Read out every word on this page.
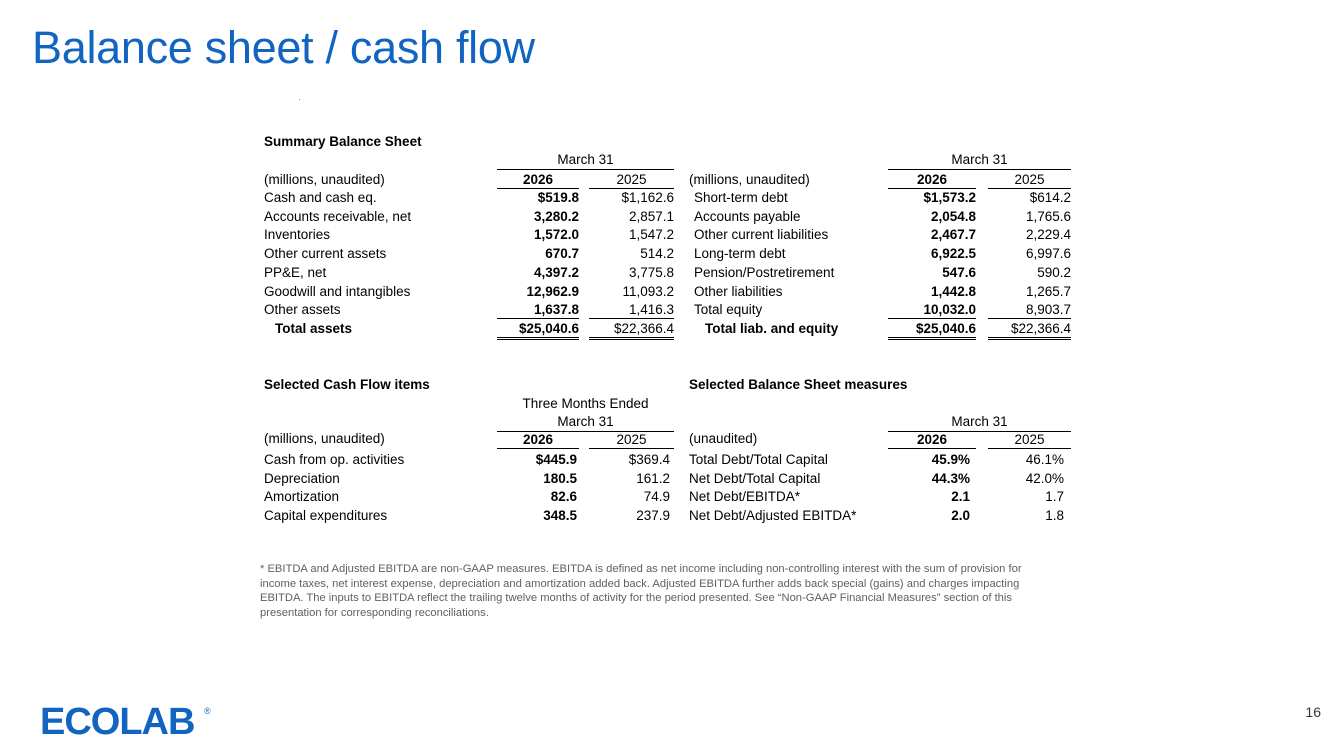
Balance sheet / cash flow
Summary Balance Sheet
March 31
(millions, unaudited)	2026	2025
Cash and cash eq.	$519.8	$1,162.6
Accounts receivable, net	3,280.2	2,857.1
Inventories	1,572.0	1,547.2
Other current assets	670.7	514.2
PP&E, net	4,397.2	3,775.8
Goodwill and intangibles	12,962.9	11,093.2
Other assets	1,637.8	1,416.3
Total assets	$25,040.6	$22,366.4
March 31
(millions, unaudited)	2026	2025
Short-term debt	$1,573.2	$614.2
Accounts payable	2,054.8	1,765.6
Other current liabilities	2,467.7	2,229.4
Long-term debt	6,922.5	6,997.6
Pension/Postretirement	547.6	590.2
Other liabilities	1,442.8	1,265.7
Total equity	10,032.0	8,903.7
Total liab. and equity	$25,040.6	$22,366.4
Selected Cash Flow items
Three Months Ended
March 31
(millions, unaudited)	2026	2025
Cash from op. activities	$445.9	$369.4
Depreciation	180.5	161.2
Amortization	82.6	74.9
Capital expenditures	348.5	237.9
Selected Balance Sheet measures
March 31
(unaudited)	2026	2025
Total Debt/Total Capital	45.9%	46.1%
Net Debt/Total Capital	44.3%	42.0%
Net Debt/EBITDA*	2.1	1.7
Net Debt/Adjusted EBITDA*	2.0	1.8
* EBITDA and Adjusted EBITDA are non-GAAP measures. EBITDA is defined as net income including non-controlling interest with the sum of provision for income taxes, net interest expense, depreciation and amortization added back. Adjusted EBITDA further adds back special (gains) and charges impacting EBITDA. The inputs to EBITDA reflect the trailing twelve months of activity for the period presented. See “Non-GAAP Financial Measures” section of this presentation for corresponding reconciliations.
ECOLAB ®	16
